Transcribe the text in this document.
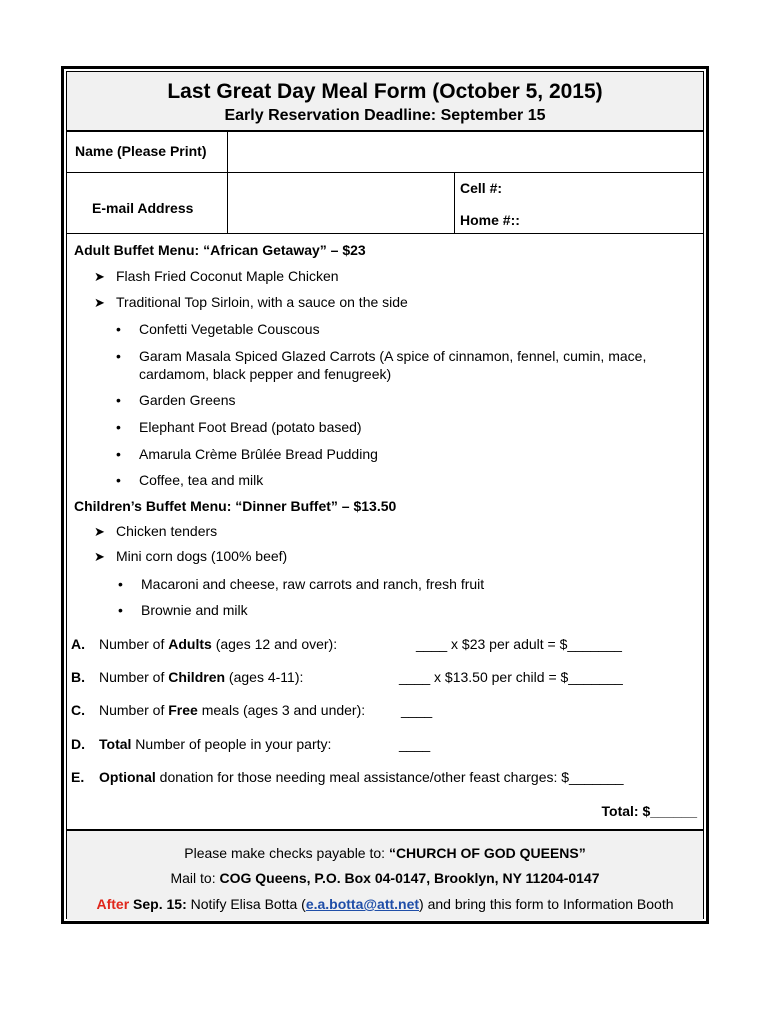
Last Great Day Meal Form (October 5, 2015)
Early Reservation Deadline: September 15
Name (Please Print)
E-mail Address
Cell #:
Home #::
Adult Buffet Menu: “African Getaway” – $23
➤ Flash Fried Coconut Maple Chicken
➤ Traditional Top Sirloin, with a sauce on the side
• Confetti Vegetable Couscous
• Garam Masala Spiced Glazed Carrots (A spice of cinnamon, fennel, cumin, mace,
cardamom, black pepper and fenugreek)
• Garden Greens
• Elephant Foot Bread (potato based)
• Amarula Crème Brûlée Bread Pudding
• Coffee, tea and milk
Children’s Buffet Menu: “Dinner Buffet” – $13.50
➤ Chicken tenders
➤ Mini corn dogs (100% beef)
• Macaroni and cheese, raw carrots and ranch, fresh fruit
• Brownie and milk
A. Number of Adults (ages 12 and over):	____ x $23 per adult = $_______
B. Number of Children (ages 4-11):	____ x $13.50 per child = $_______
C. Number of Free meals (ages 3 and under):	____
D. Total Number of people in your party:	____
E. Optional donation for those needing meal assistance/other feast charges: $_______
Total: $______
Please make checks payable to: “CHURCH OF GOD QUEENS”
Mail to: COG Queens, P.O. Box 04-0147, Brooklyn, NY 11204-0147
After Sep. 15: Notify Elisa Botta (e.a.botta@att.net) and bring this form to Information Booth
